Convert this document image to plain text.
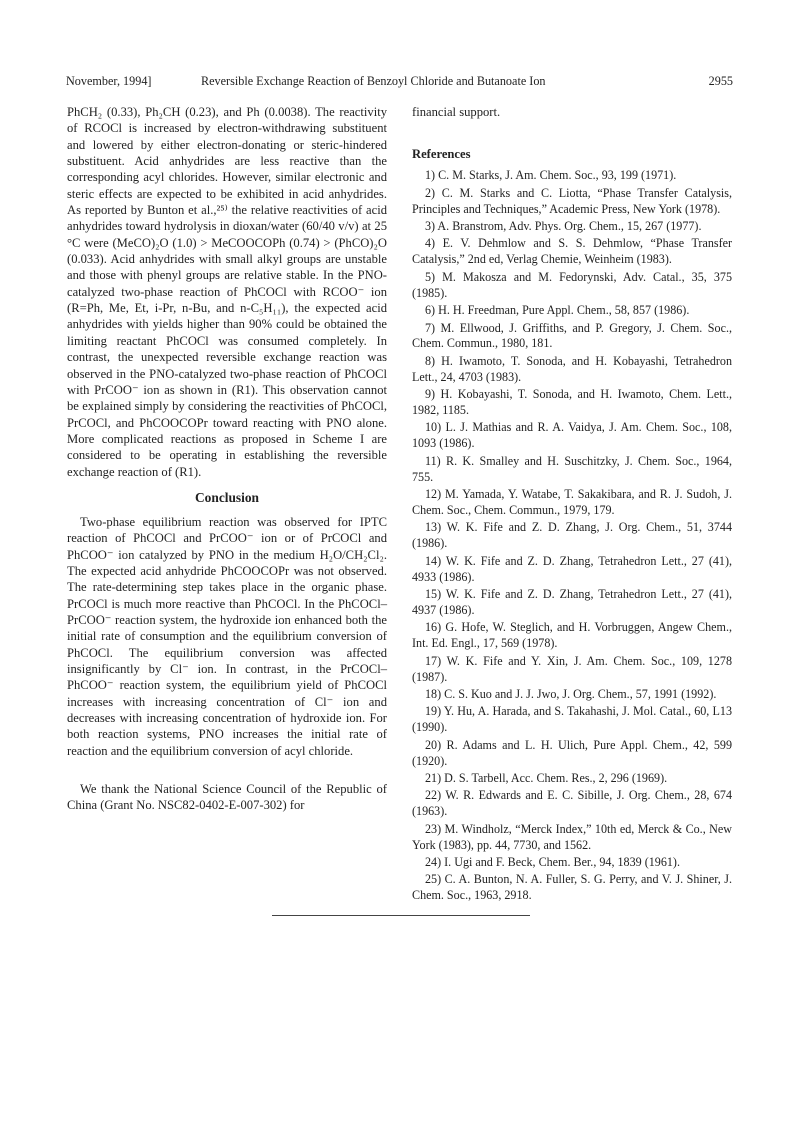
November, 1994]	Reversible Exchange Reaction of Benzoyl Chloride and Butanoate Ion	2955

PhCH₂ (0.33), Ph₂CH (0.23), and Ph (0.0038). The reactivity of RCOCl is increased by electron-withdrawing substituent and lowered by either electron-donating or steric-hindered substituent. Acid anhydrides are less reactive than the corresponding acyl chlorides. However, similar electronic and steric effects are expected to be exhibited in acid anhydrides. As reported by Bunton et al.,²⁵⁾ the relative reactivities of acid anhydrides toward hydrolysis in dioxan/water (60/40 v/v) at 25 °C were (MeCO)₂O (1.0) > MeCOOCOPh (0.74) > (PhCO)₂O (0.033). Acid anhydrides with small alkyl groups are unstable and those with phenyl groups are relative stable. In the PNO-catalyzed two-phase reaction of PhCOCl with RCOO⁻ ion (R=Ph, Me, Et, i-Pr, n-Bu, and n-C₅H₁₁), the expected acid anhydrides with yields higher than 90% could be obtained the limiting reactant PhCOCl was consumed completely. In contrast, the unexpected reversible exchange reaction was observed in the PNO-catalyzed two-phase reaction of PhCOCl with PrCOO⁻ ion as shown in (R1). This observation cannot be explained simply by considering the reactivities of PhCOCl, PrCOCl, and PhCOOCOPr toward reacting with PNO alone. More complicated reactions as proposed in Scheme I are considered to be operating in establishing the reversible exchange reaction of (R1).

Conclusion

Two-phase equilibrium reaction was observed for IPTC reaction of PhCOCl and PrCOO⁻ ion or of PrCOCl and PhCOO⁻ ion catalyzed by PNO in the medium H₂O/CH₂Cl₂. The expected acid anhydride PhCOOCOPr was not observed. The rate-determining step takes place in the organic phase. PrCOCl is much more reactive than PhCOCl. In the PhCOCl–PrCOO⁻ reaction system, the hydroxide ion enhanced both the initial rate of consumption and the equilibrium conversion of PhCOCl. The equilibrium conversion was affected insignificantly by Cl⁻ ion. In contrast, in the PrCOCl–PhCOO⁻ reaction system, the equilibrium yield of PhCOCl increases with increasing concentration of Cl⁻ ion and decreases with increasing concentration of hydroxide ion. For both reaction systems, PNO increases the initial rate of reaction and the equilibrium conversion of acyl chloride.

We thank the National Science Council of the Republic of China (Grant No. NSC82-0402-E-007-302) for

financial support.

References
1) C. M. Starks, J. Am. Chem. Soc., 93, 199 (1971).
2) C. M. Starks and C. Liotta, “Phase Transfer Catalysis, Principles and Techniques,” Academic Press, New York (1978).
3) A. Branstrom, Adv. Phys. Org. Chem., 15, 267 (1977).
4) E. V. Dehmlow and S. S. Dehmlow, “Phase Transfer Catalysis,” 2nd ed, Verlag Chemie, Weinheim (1983).
5) M. Makosza and M. Fedorynski, Adv. Catal., 35, 375 (1985).
6) H. H. Freedman, Pure Appl. Chem., 58, 857 (1986).
7) M. Ellwood, J. Griffiths, and P. Gregory, J. Chem. Soc., Chem. Commun., 1980, 181.
8) H. Iwamoto, T. Sonoda, and H. Kobayashi, Tetrahedron Lett., 24, 4703 (1983).
9) H. Kobayashi, T. Sonoda, and H. Iwamoto, Chem. Lett., 1982, 1185.
10) L. J. Mathias and R. A. Vaidya, J. Am. Chem. Soc., 108, 1093 (1986).
11) R. K. Smalley and H. Suschitzky, J. Chem. Soc., 1964, 755.
12) M. Yamada, Y. Watabe, T. Sakakibara, and R. J. Sudoh, J. Chem. Soc., Chem. Commun., 1979, 179.
13) W. K. Fife and Z. D. Zhang, J. Org. Chem., 51, 3744 (1986).
14) W. K. Fife and Z. D. Zhang, Tetrahedron Lett., 27 (41), 4933 (1986).
15) W. K. Fife and Z. D. Zhang, Tetrahedron Lett., 27 (41), 4937 (1986).
16) G. Hofe, W. Steglich, and H. Vorbruggen, Angew Chem., Int. Ed. Engl., 17, 569 (1978).
17) W. K. Fife and Y. Xin, J. Am. Chem. Soc., 109, 1278 (1987).
18) C. S. Kuo and J. J. Jwo, J. Org. Chem., 57, 1991 (1992).
19) Y. Hu, A. Harada, and S. Takahashi, J. Mol. Catal., 60, L13 (1990).
20) R. Adams and L. H. Ulich, Pure Appl. Chem., 42, 599 (1920).
21) D. S. Tarbell, Acc. Chem. Res., 2, 296 (1969).
22) W. R. Edwards and E. C. Sibille, J. Org. Chem., 28, 674 (1963).
23) M. Windholz, “Merck Index,” 10th ed, Merck & Co., New York (1983), pp. 44, 7730, and 1562.
24) I. Ugi and F. Beck, Chem. Ber., 94, 1839 (1961).
25) C. A. Bunton, N. A. Fuller, S. G. Perry, and V. J. Shiner, J. Chem. Soc., 1963, 2918.
